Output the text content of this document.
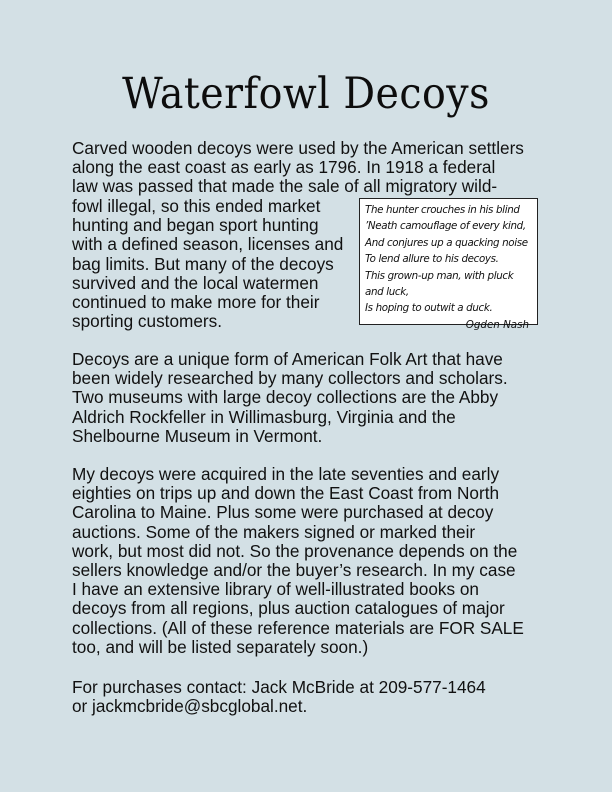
Waterfowl Decoys
Carved wooden decoys were used by the American settlers
along the east coast as early as 1796. In 1918 a federal
law was passed that made the sale of all migratory wild-
fowl illegal, so this ended market
hunting and began sport hunting
with a defined season, licenses and
bag limits. But many of the decoys
survived and the local watermen
continued to make more for their
sporting customers.
The hunter crouches in his blind
’Neath camouflage of every kind,
And conjures up a quacking noise
To lend allure to his decoys.
This grown-up man, with pluck
and luck,
Is hoping to outwit a duck.
Ogden Nash
Decoys are a unique form of American Folk Art that have
been widely researched by many collectors and scholars.
Two museums with large decoy collections are the Abby
Aldrich Rockfeller in Willimasburg, Virginia and the
Shelbourne Museum in Vermont.
My decoys were acquired in the late seventies and early
eighties on trips up and down the East Coast from North
Carolina to Maine. Plus some were purchased at decoy
auctions. Some of the makers signed or marked their
work, but most did not. So the provenance depends on the
sellers knowledge and/or the buyer’s research. In my case
I have an extensive library of well-illustrated books on
decoys from all regions, plus auction catalogues of major
collections. (All of these reference materials are FOR SALE
too, and will be listed separately soon.)
For purchases contact: Jack McBride at 209-577-1464
or jackmcbride@sbcglobal.net.
